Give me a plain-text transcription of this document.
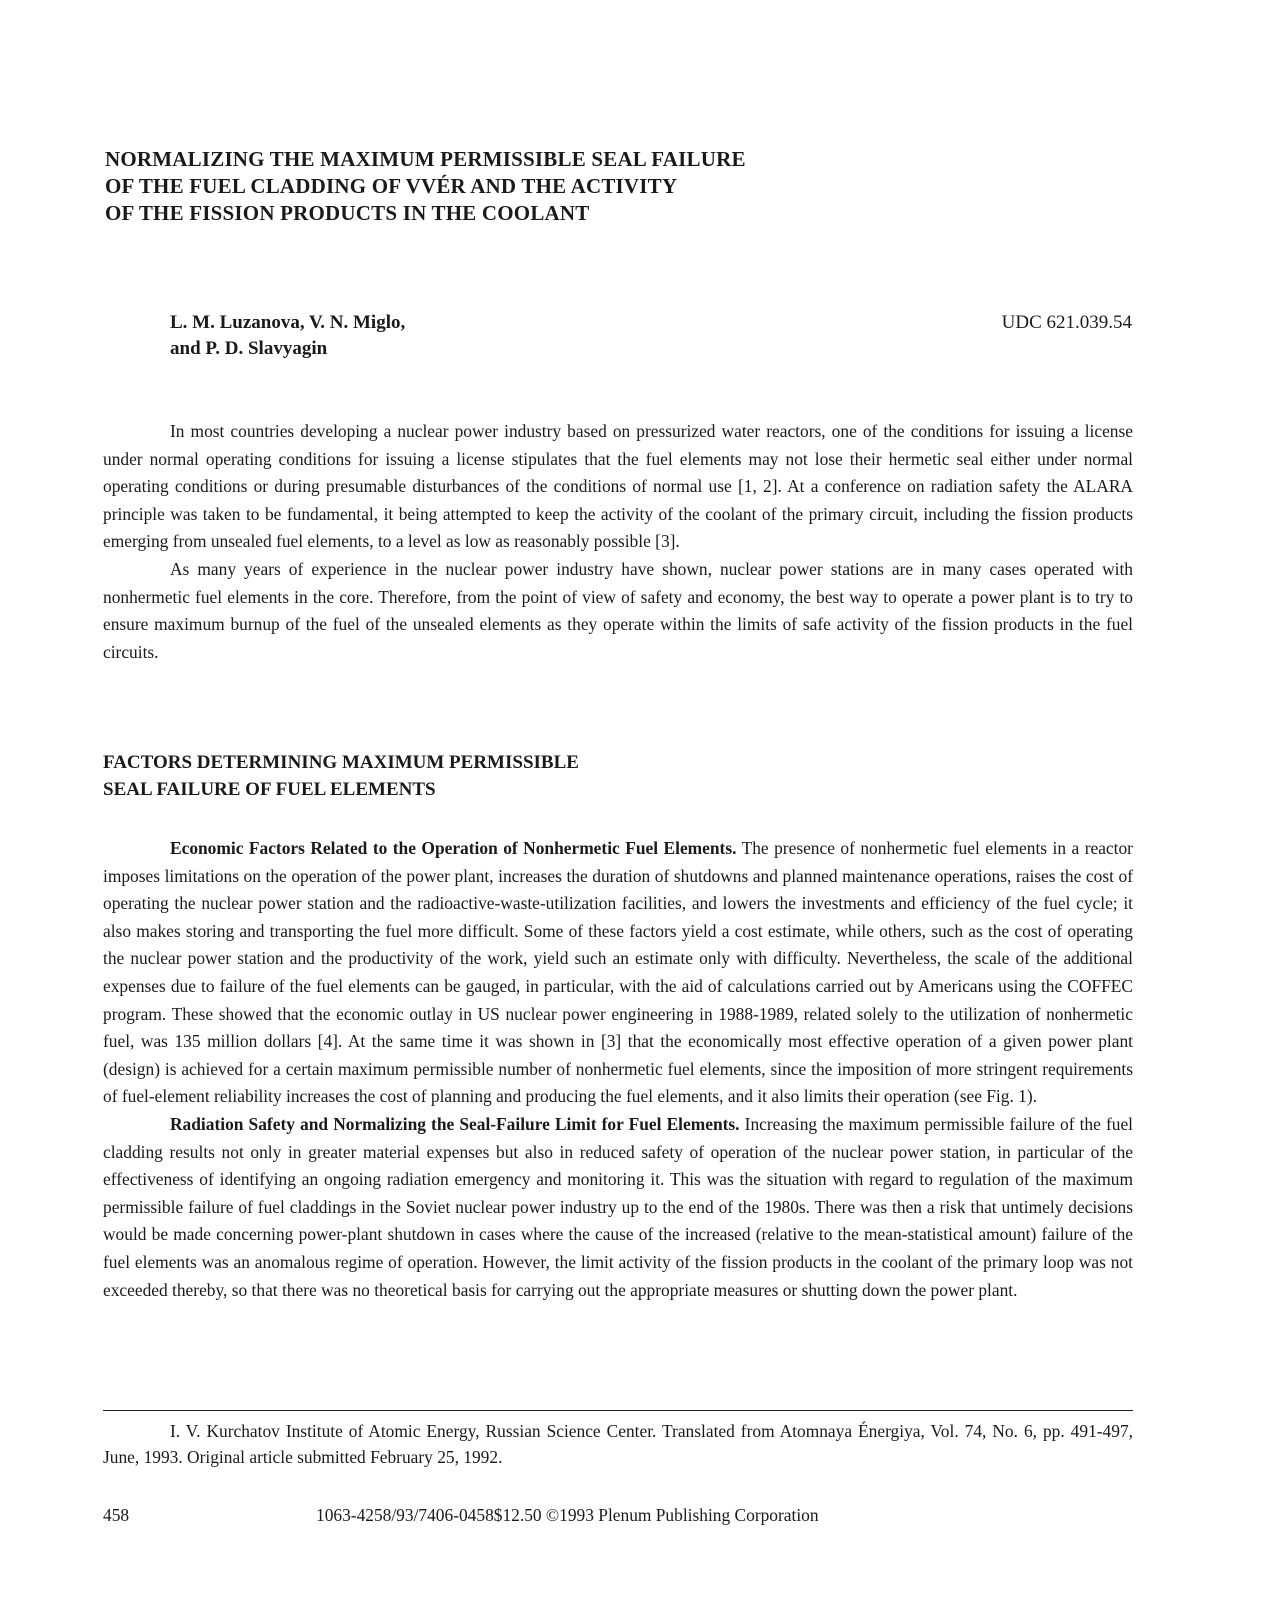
NORMALIZING THE MAXIMUM PERMISSIBLE SEAL FAILURE
OF THE FUEL CLADDING OF VVÉR AND THE ACTIVITY
OF THE FISSION PRODUCTS IN THE COOLANT
L. M. Luzanova, V. N. Miglo,
and P. D. Slavyagin
UDC 621.039.54

In most countries developing a nuclear power industry based on pressurized water reactors, one of the conditions for issuing a license under normal operating conditions for issuing a license stipulates that the fuel elements may not lose their hermetic seal either under normal operating conditions or during presumable disturbances of the conditions of normal use [1, 2]. At a conference on radiation safety the ALARA principle was taken to be fundamental, it being attempted to keep the activity of the coolant of the primary circuit, including the fission products emerging from unsealed fuel elements, to a level as low as reasonably possible [3].

As many years of experience in the nuclear power industry have shown, nuclear power stations are in many cases operated with nonhermetic fuel elements in the core. Therefore, from the point of view of safety and economy, the best way to operate a power plant is to try to ensure maximum burnup of the fuel of the unsealed elements as they operate within the limits of safe activity of the fission products in the fuel circuits.

FACTORS DETERMINING MAXIMUM PERMISSIBLE
SEAL FAILURE OF FUEL ELEMENTS

Economic Factors Related to the Operation of Nonhermetic Fuel Elements. The presence of nonhermetic fuel elements in a reactor imposes limitations on the operation of the power plant, increases the duration of shutdowns and planned maintenance operations, raises the cost of operating the nuclear power station and the radioactive-waste-utilization facilities, and lowers the investments and efficiency of the fuel cycle; it also makes storing and transporting the fuel more difficult. Some of these factors yield a cost estimate, while others, such as the cost of operating the nuclear power station and the productivity of the work, yield such an estimate only with difficulty. Nevertheless, the scale of the additional expenses due to failure of the fuel elements can be gauged, in particular, with the aid of calculations carried out by Americans using the COFFEC program. These showed that the economic outlay in US nuclear power engineering in 1988-1989, related solely to the utilization of nonhermetic fuel, was 135 million dollars [4]. At the same time it was shown in [3] that the economically most effective operation of a given power plant (design) is achieved for a certain maximum permissible number of nonhermetic fuel elements, since the imposition of more stringent requirements of fuel-element reliability increases the cost of planning and producing the fuel elements, and it also limits their operation (see Fig. 1).

Radiation Safety and Normalizing the Seal-Failure Limit for Fuel Elements. Increasing the maximum permissible failure of the fuel cladding results not only in greater material expenses but also in reduced safety of operation of the nuclear power station, in particular of the effectiveness of identifying an ongoing radiation emergency and monitoring it. This was the situation with regard to regulation of the maximum permissible failure of fuel claddings in the Soviet nuclear power industry up to the end of the 1980s. There was then a risk that untimely decisions would be made concerning power-plant shutdown in cases where the cause of the increased (relative to the mean-statistical amount) failure of the fuel elements was an anomalous regime of operation. However, the limit activity of the fission products in the coolant of the primary loop was not exceeded thereby, so that there was no theoretical basis for carrying out the appropriate measures or shutting down the power plant.

I. V. Kurchatov Institute of Atomic Energy, Russian Science Center. Translated from Atomnaya Énergiya, Vol. 74, No. 6, pp. 491-497, June, 1993. Original article submitted February 25, 1992.

458	1063-4258/93/7406-0458$12.50 ©1993 Plenum Publishing Corporation
